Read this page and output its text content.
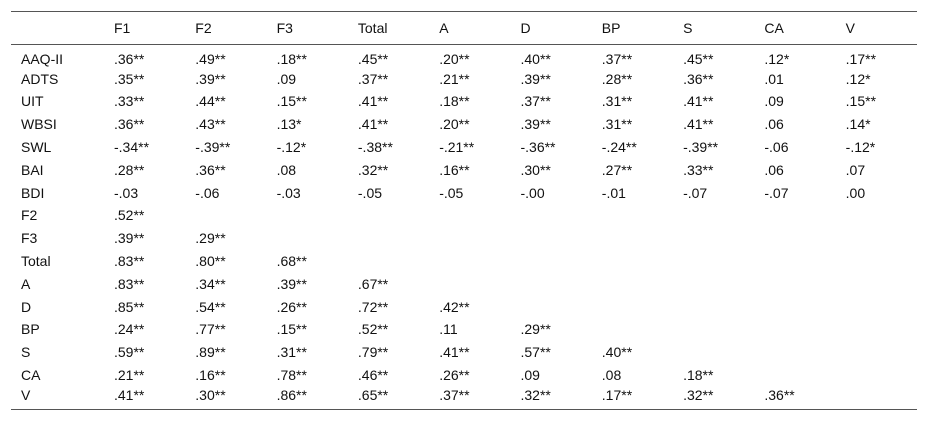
	F1	F2	F3	Total	A	D	BP	S	CA	V
AAQ-II	.36**	.49**	.18**	.45**	.20**	.40**	.37**	.45**	.12*	.17**
ADTS	.35**	.39**	.09	.37**	.21**	.39**	.28**	.36**	.01	.12*
UIT	.33**	.44**	.15**	.41**	.18**	.37**	.31**	.41**	.09	.15**
WBSI	.36**	.43**	.13*	.41**	.20**	.39**	.31**	.41**	.06	.14*
SWL	-.34**	-.39**	-.12*	-.38**	-.21**	-.36**	-.24**	-.39**	-.06	-.12*
BAI	.28**	.36**	.08	.32**	.16**	.30**	.27**	.33**	.06	.07
BDI	-.03	-.06	-.03	-.05	-.05	-.00	-.01	-.07	-.07	.00
F2	.52**									
F3	.39**	.29**								
Total	.83**	.80**	.68**							
A	.83**	.34**	.39**	.67**						
D	.85**	.54**	.26**	.72**	.42**					
BP	.24**	.77**	.15**	.52**	.11	.29**				
S	.59**	.89**	.31**	.79**	.41**	.57**	.40**			
CA	.21**	.16**	.78**	.46**	.26**	.09	.08	.18**		
V	.41**	.30**	.86**	.65**	.37**	.32**	.17**	.32**	.36**	
